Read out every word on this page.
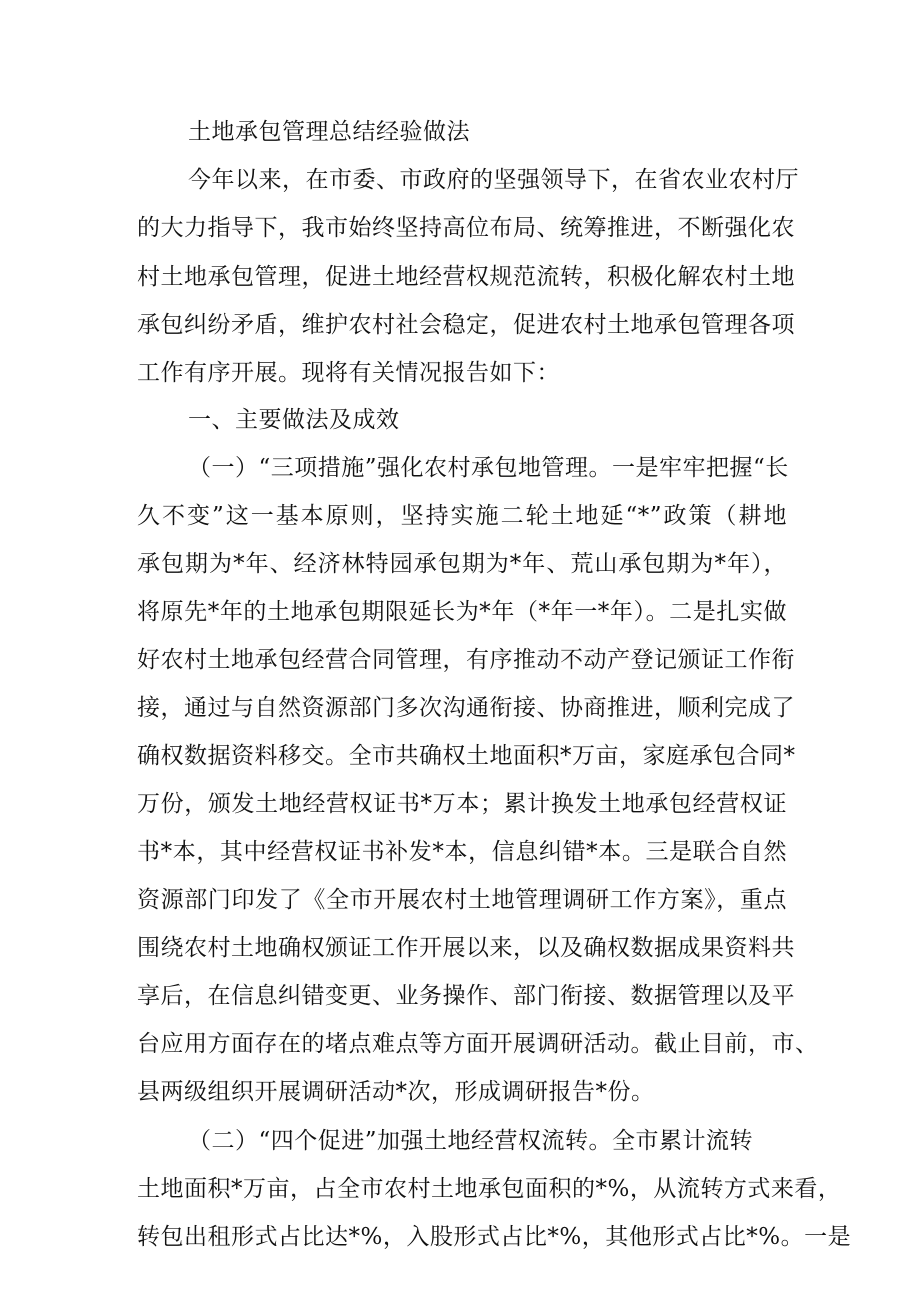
土地承包管理总结经验做法
今年以来，在市委、市政府的坚强领导下，在省农业农村厅
的大力指导下，我市始终坚持高位布局、统筹推进，不断强化农
村土地承包管理，促进土地经营权规范流转，积极化解农村土地
承包纠纷矛盾，维护农村社会稳定，促进农村土地承包管理各项
工作有序开展。现将有关情况报告如下：
一、主要做法及成效
（一）“三项措施”强化农村承包地管理。一是牢牢把握“长
久不变”这一基本原则，坚持实施二轮土地延“*”政策（耕地
承包期为*年、经济林特园承包期为*年、荒山承包期为*年），
将原先*年的土地承包期限延长为*年（*年一*年）。二是扎实做
好农村土地承包经营合同管理，有序推动不动产登记颁证工作衔
接，通过与自然资源部门多次沟通衔接、协商推进，顺利完成了
确权数据资料移交。全市共确权土地面积*万亩，家庭承包合同*
万份，颁发土地经营权证书*万本；累计换发土地承包经营权证
书*本，其中经营权证书补发*本，信息纠错*本。三是联合自然
资源部门印发了《全市开展农村土地管理调研工作方案》，重点
围绕农村土地确权颁证工作开展以来，以及确权数据成果资料共
享后，在信息纠错变更、业务操作、部门衔接、数据管理以及平
台应用方面存在的堵点难点等方面开展调研活动。截止目前，市、
县两级组织开展调研活动*次，形成调研报告*份。
（二）“四个促进”加强土地经营权流转。全市累计流转
土地面积*万亩，占全市农村土地承包面积的*%，从流转方式来看，
转包出租形式占比达*%，入股形式占比*%，其他形式占比*%。一是
